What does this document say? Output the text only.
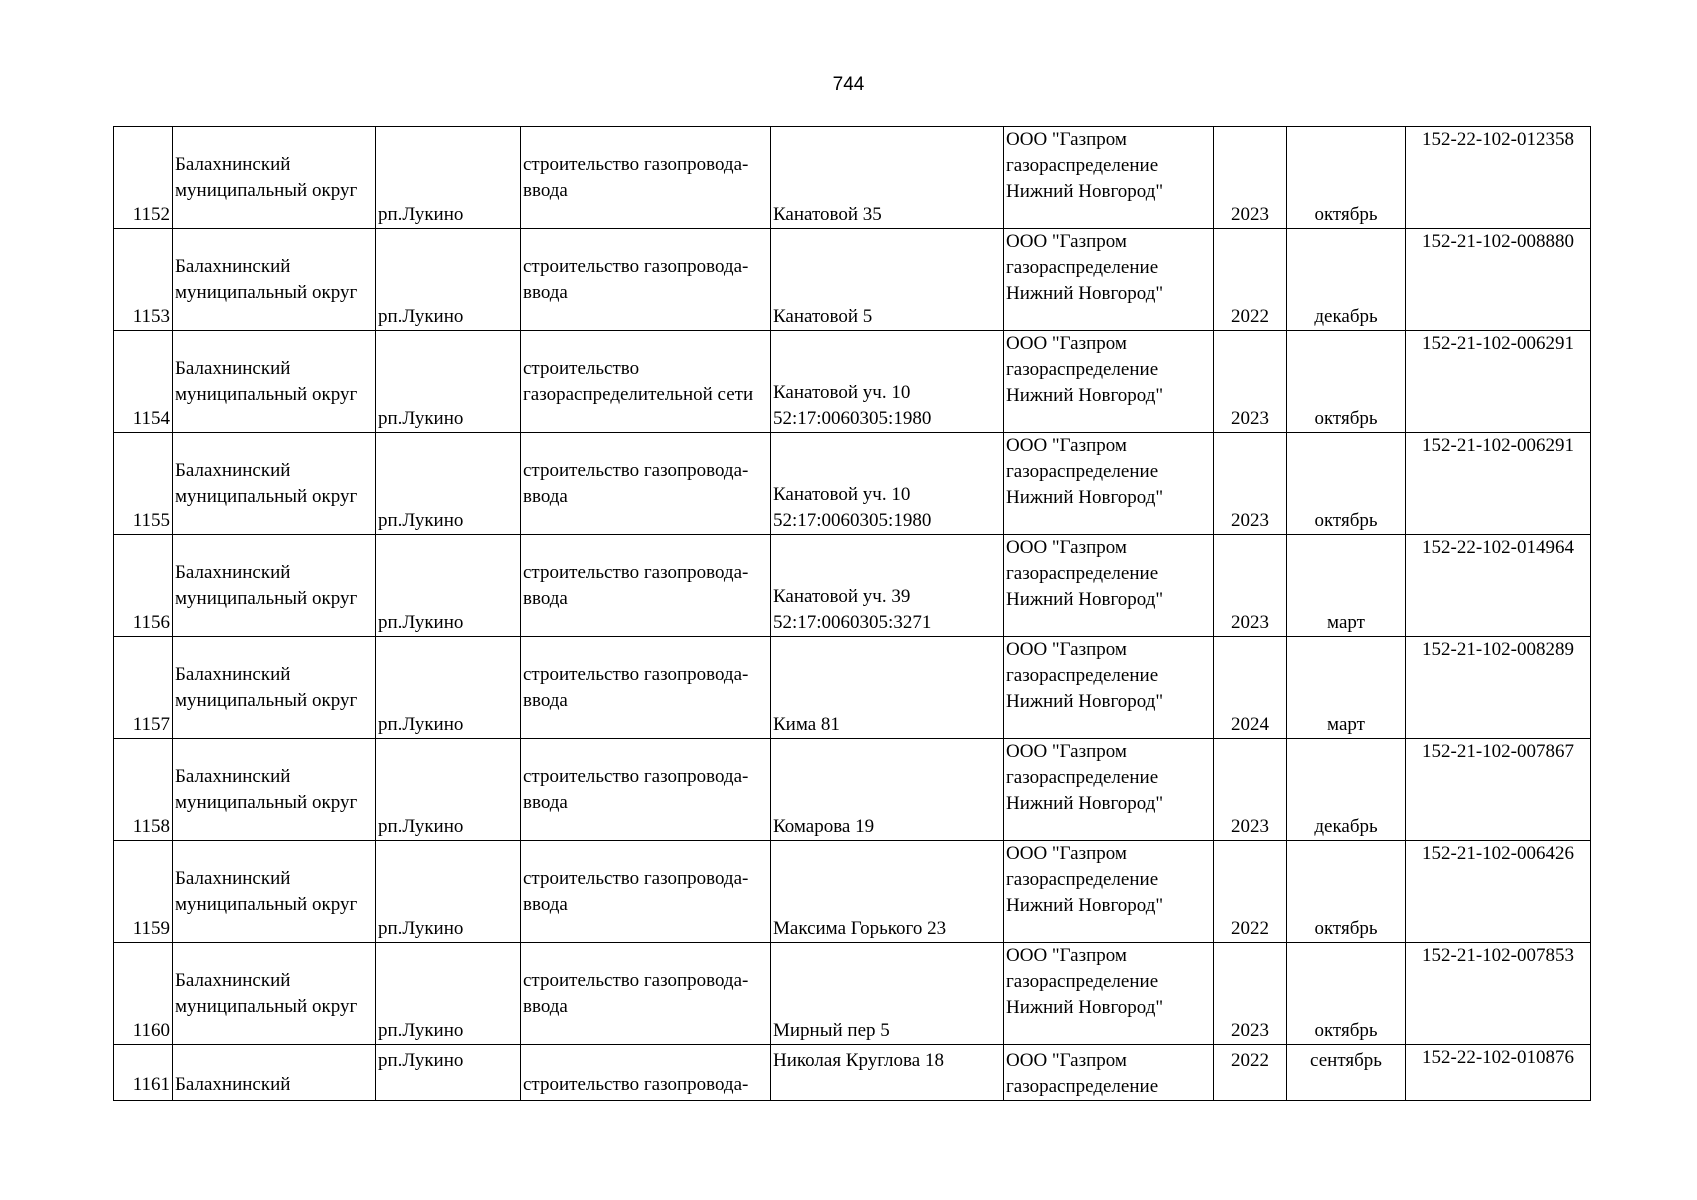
744
1152	Балахнинский
муниципальный округ	рп.Лукино	строительство газопровода-
ввода	Канатовой 35	ООО "Газпром
газораспределение
Нижний Новгород"	2023	октябрь	152-22-102-012358
1153	Балахнинский
муниципальный округ	рп.Лукино	строительство газопровода-
ввода	Канатовой 5	ООО "Газпром
газораспределение
Нижний Новгород"	2022	декабрь	152-21-102-008880
1154	Балахнинский
муниципальный округ	рп.Лукино	строительство
газораспределительной сети	Канатовой уч. 10
52:17:0060305:1980	ООО "Газпром
газораспределение
Нижний Новгород"	2023	октябрь	152-21-102-006291
1155	Балахнинский
муниципальный округ	рп.Лукино	строительство газопровода-
ввода	Канатовой уч. 10
52:17:0060305:1980	ООО "Газпром
газораспределение
Нижний Новгород"	2023	октябрь	152-21-102-006291
1156	Балахнинский
муниципальный округ	рп.Лукино	строительство газопровода-
ввода	Канатовой уч. 39
52:17:0060305:3271	ООО "Газпром
газораспределение
Нижний Новгород"	2023	март	152-22-102-014964
1157	Балахнинский
муниципальный округ	рп.Лукино	строительство газопровода-
ввода	Кима 81	ООО "Газпром
газораспределение
Нижний Новгород"	2024	март	152-21-102-008289
1158	Балахнинский
муниципальный округ	рп.Лукино	строительство газопровода-
ввода	Комарова 19	ООО "Газпром
газораспределение
Нижний Новгород"	2023	декабрь	152-21-102-007867
1159	Балахнинский
муниципальный округ	рп.Лукино	строительство газопровода-
ввода	Максима Горького 23	ООО "Газпром
газораспределение
Нижний Новгород"	2022	октябрь	152-21-102-006426
1160	Балахнинский
муниципальный округ	рп.Лукино	строительство газопровода-
ввода	Мирный пер 5	ООО "Газпром
газораспределение
Нижний Новгород"	2023	октябрь	152-21-102-007853
1161	Балахнинский	рп.Лукино	строительство газопровода-	Николая Круглова 18	ООО "Газпром
газораспределение	2022	сентябрь	152-22-102-010876
